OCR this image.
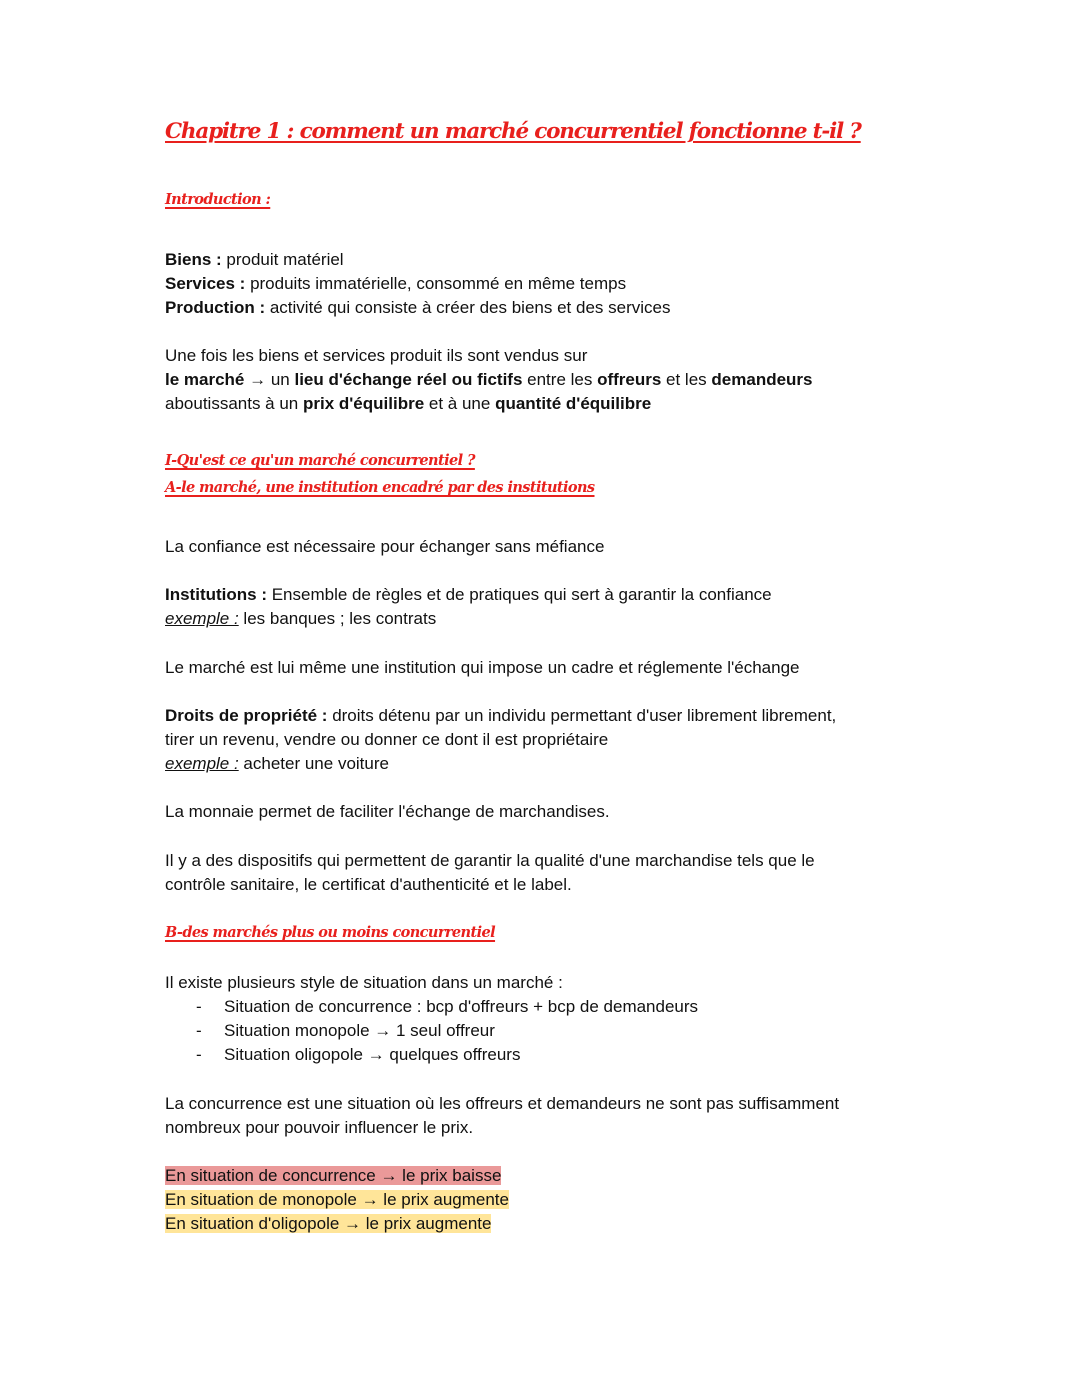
Chapitre 1 : comment un marché concurrentiel fonctionne t-il ?
Introduction :

Biens : produit matériel

Services : produits immatérielle, consommé en même temps

Production : activité qui consiste à créer des biens et des services

Une fois les biens et services produit ils sont vendus sur

le marché → un lieu d'échange réel ou fictifs entre les offreurs et les demandeurs

aboutissants à un prix d'équilibre et à une quantité d'équilibre

I-Qu'est ce qu'un marché concurrentiel ?
A-le marché, une institution encadré par des institutions

La confiance est nécessaire pour échanger sans méfiance

Institutions : Ensemble de règles et de pratiques qui sert à garantir la confiance

exemple : les banques ; les contrats

Le marché est lui même une institution qui impose un cadre et réglemente l'échange

Droits de propriété : droits détenu par un individu permettant d'user librement librement,

tirer un revenu, vendre ou donner ce dont il est propriétaire

exemple : acheter une voiture

La monnaie permet de faciliter l'échange de marchandises.

Il y a des dispositifs qui permettent de garantir la qualité d'une marchandise tels que le

contrôle sanitaire, le certificat d'authenticité et le label.

B-des marchés plus ou moins concurrentiel

Il existe plusieurs style de situation dans un marché :

- Situation de concurrence : bcp d'offreurs + bcp de demandeurs
- Situation monopole → 1 seul offreur
- Situation oligopole → quelques offreurs

La concurrence est une situation où les offreurs et demandeurs ne sont pas suffisamment

nombreux pour pouvoir influencer le prix.

En situation de concurrence → le prix baisse

En situation de monopole → le prix augmente

En situation d'oligopole → le prix augmente
